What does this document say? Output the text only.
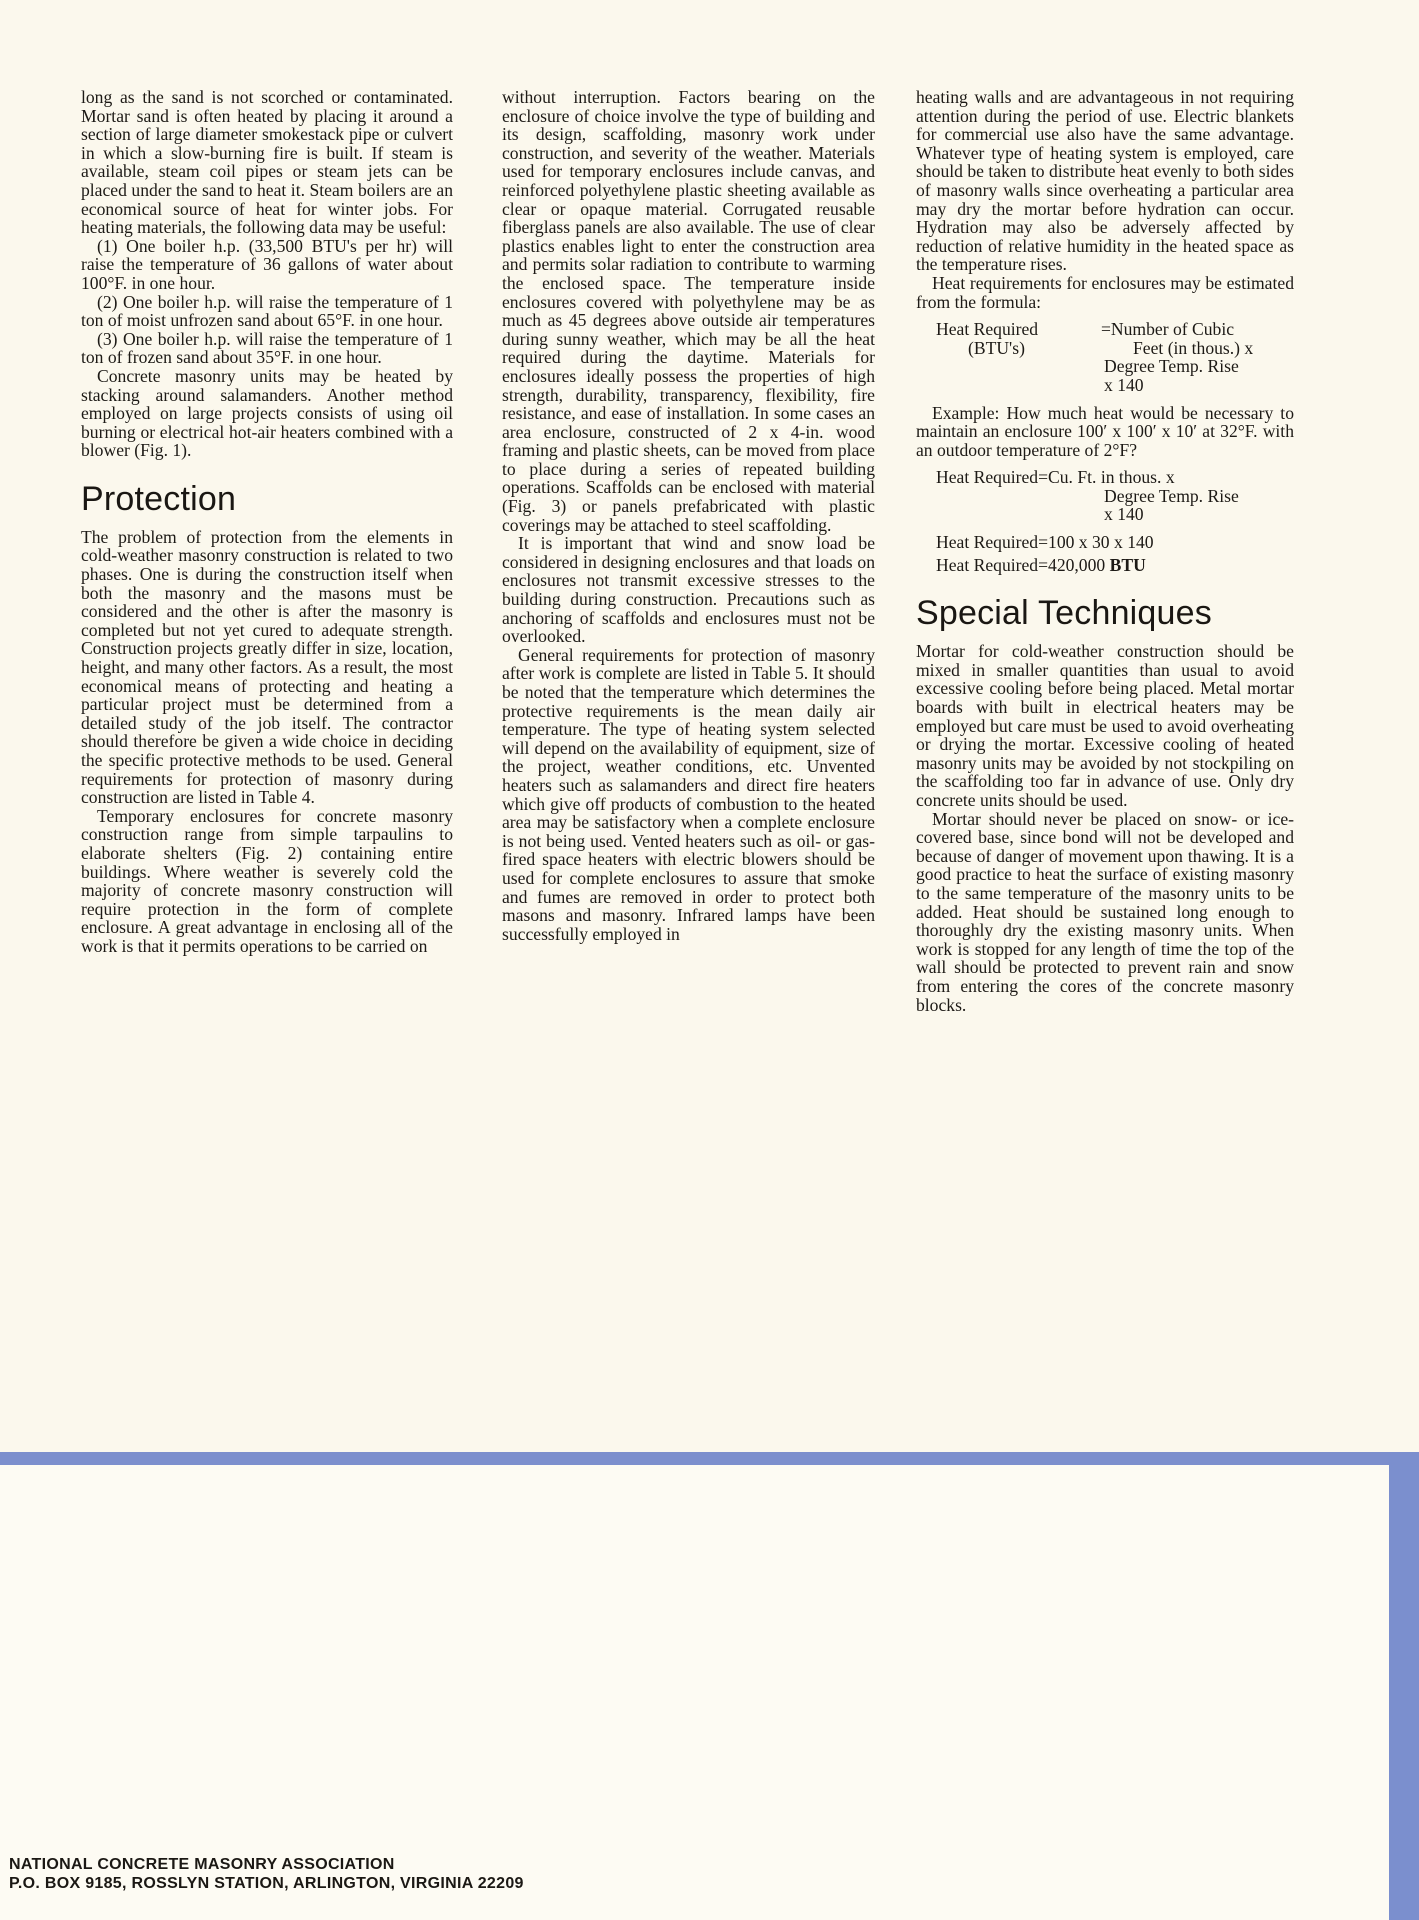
long as the sand is not scorched or contaminated. Mortar sand is often heated by placing it around a section of large diameter smokestack pipe or culvert in which a slow-burning fire is built. If steam is available, steam coil pipes or steam jets can be placed under the sand to heat it. Steam boilers are an economical source of heat for winter jobs. For heating materials, the following data may be useful:

(1) One boiler h.p. (33,500 BTU's per hr) will raise the temperature of 36 gallons of water about 100°F. in one hour.

(2) One boiler h.p. will raise the temperature of 1 ton of moist unfrozen sand about 65°F. in one hour.

(3) One boiler h.p. will raise the temperature of 1 ton of frozen sand about 35°F. in one hour.

Concrete masonry units may be heated by stacking around salamanders. Another method employed on large projects consists of using oil burning or electrical hot-air heaters combined with a blower (Fig. 1).

Protection

The problem of protection from the elements in cold-weather masonry construction is related to two phases. One is during the construction itself when both the masonry and the masons must be considered and the other is after the masonry is completed but not yet cured to adequate strength. Construction projects greatly differ in size, location, height, and many other factors. As a result, the most economical means of protecting and heating a particular project must be determined from a detailed study of the job itself. The contractor should therefore be given a wide choice in deciding the specific protective methods to be used. General requirements for protection of masonry during construction are listed in Table 4.

Temporary enclosures for concrete masonry construction range from simple tarpaulins to elaborate shelters (Fig. 2) containing entire buildings. Where weather is severely cold the majority of concrete masonry construction will require protection in the form of complete enclosure. A great advantage in enclosing all of the work is that it permits operations to be carried on

without interruption. Factors bearing on the enclosure of choice involve the type of building and its design, scaffolding, masonry work under construction, and severity of the weather. Materials used for temporary enclosures include canvas, and reinforced polyethylene plastic sheeting available as clear or opaque material. Corrugated reusable fiberglass panels are also available. The use of clear plastics enables light to enter the construction area and permits solar radiation to contribute to warming the enclosed space. The temperature inside enclosures covered with polyethylene may be as much as 45 degrees above outside air temperatures during sunny weather, which may be all the heat required during the daytime. Materials for enclosures ideally possess the properties of high strength, durability, transparency, flexibility, fire resistance, and ease of installation. In some cases an area enclosure, constructed of 2 x 4-in. wood framing and plastic sheets, can be moved from place to place during a series of repeated building operations. Scaffolds can be enclosed with material (Fig. 3) or panels prefabricated with plastic coverings may be attached to steel scaffolding.

It is important that wind and snow load be considered in designing enclosures and that loads on enclosures not transmit excessive stresses to the building during construction. Precautions such as anchoring of scaffolds and enclosures must not be overlooked.

General requirements for protection of masonry after work is complete are listed in Table 5. It should be noted that the temperature which determines the protective requirements is the mean daily air temperature. The type of heating system selected will depend on the availability of equipment, size of the project, weather conditions, etc. Unvented heaters such as salamanders and direct fire heaters which give off products of combustion to the heated area may be satisfactory when a complete enclosure is not being used. Vented heaters such as oil- or gas-fired space heaters with electric blowers should be used for complete enclosures to assure that smoke and fumes are removed in order to protect both masons and masonry. Infrared lamps have been successfully employed in

heating walls and are advantageous in not requiring attention during the period of use. Electric blankets for commercial use also have the same advantage. Whatever type of heating system is employed, care should be taken to distribute heat evenly to both sides of masonry walls since overheating a particular area may dry the mortar before hydration can occur. Hydration may also be adversely affected by reduction of relative humidity in the heated space as the temperature rises.

Heat requirements for enclosures may be estimated from the formula:

Heat Required	=Number of Cubic
(BTU's)	Feet (in thous.) x
Degree Temp. Rise
x 140

Example: How much heat would be necessary to maintain an enclosure 100′ x 100′ x 10′ at 32°F. with an outdoor temperature of 2°F?

Heat Required=Cu. Ft. in thous. x
Degree Temp. Rise
x 140
Heat Required=100 x 30 x 140
Heat Required=420,000 BTU
Special Techniques

Mortar for cold-weather construction should be mixed in smaller quantities than usual to avoid excessive cooling before being placed. Metal mortar boards with built in electrical heaters may be employed but care must be used to avoid overheating or drying the mortar. Excessive cooling of heated masonry units may be avoided by not stockpiling on the scaffolding too far in advance of use. Only dry concrete units should be used.

Mortar should never be placed on snow- or ice-covered base, since bond will not be developed and because of danger of movement upon thawing. It is a good practice to heat the surface of existing masonry to the same temperature of the masonry units to be added. Heat should be sustained long enough to thoroughly dry the existing masonry units. When work is stopped for any length of time the top of the wall should be protected to prevent rain and snow from entering the cores of the concrete masonry blocks.

NATIONAL CONCRETE MASONRY ASSOCIATION
P.O. BOX 9185, ROSSLYN STATION, ARLINGTON, VIRGINIA 22209
